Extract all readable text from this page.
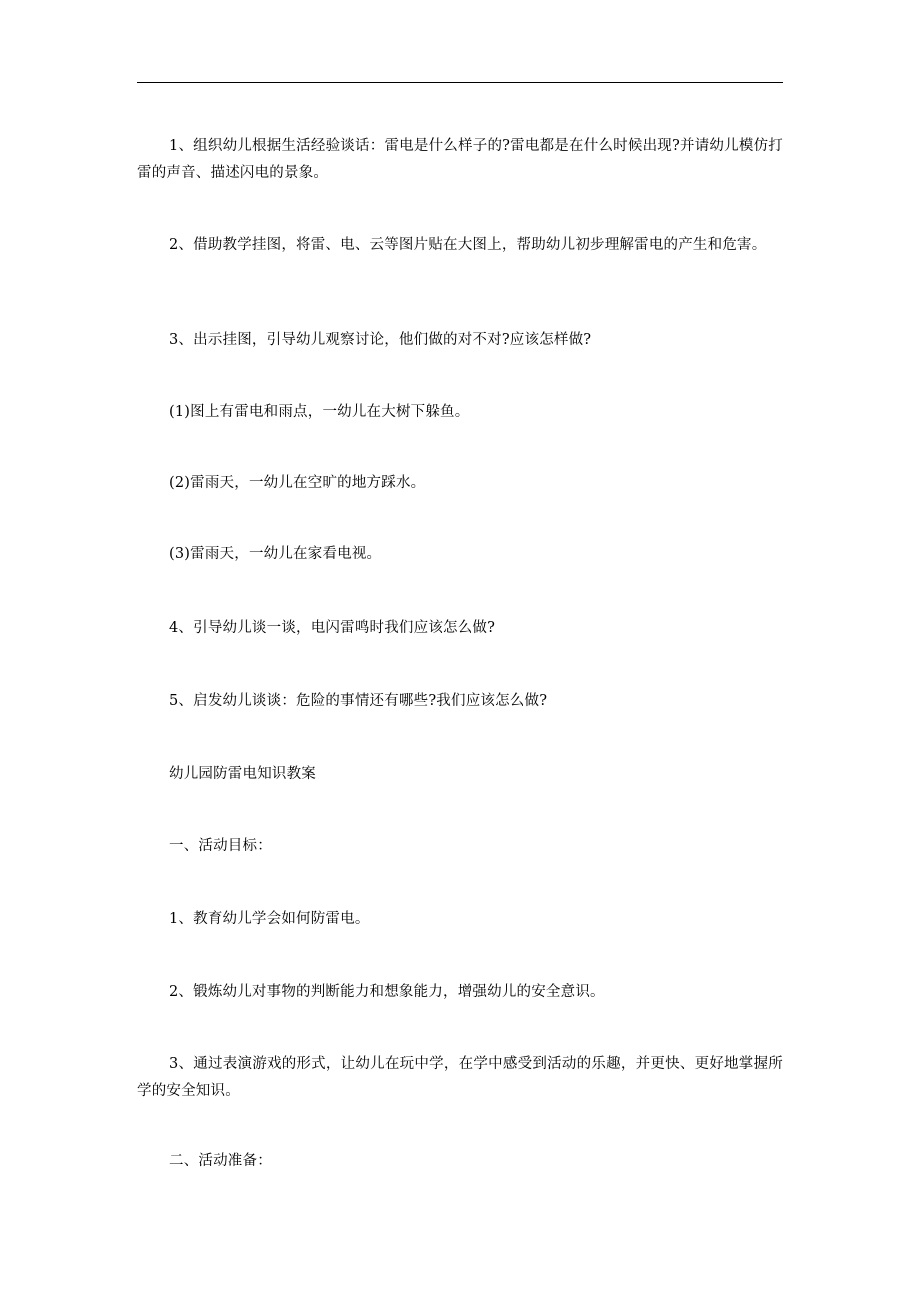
1、组织幼儿根据生活经验谈话：雷电是什么样子的?雷电都是在什么时候出现?并请幼儿模仿打雷的声音、描述闪电的景象。

2、借助教学挂图，将雷、电、云等图片贴在大图上，帮助幼儿初步理解雷电的产生和危害。

3、出示挂图，引导幼儿观察讨论，他们做的对不对?应该怎样做?

(1)图上有雷电和雨点，一幼儿在大树下躲鱼。

(2)雷雨天，一幼儿在空旷的地方踩水。

(3)雷雨天，一幼儿在家看电视。

4、引导幼儿谈一谈，电闪雷鸣时我们应该怎么做?

5、启发幼儿谈谈：危险的事情还有哪些?我们应该怎么做?

幼儿园防雷电知识教案

一、活动目标：

1、教育幼儿学会如何防雷电。

2、锻炼幼儿对事物的判断能力和想象能力，增强幼儿的安全意识。

3、通过表演游戏的形式，让幼儿在玩中学，在学中感受到活动的乐趣，并更快、更好地掌握所学的安全知识。

二、活动准备：
